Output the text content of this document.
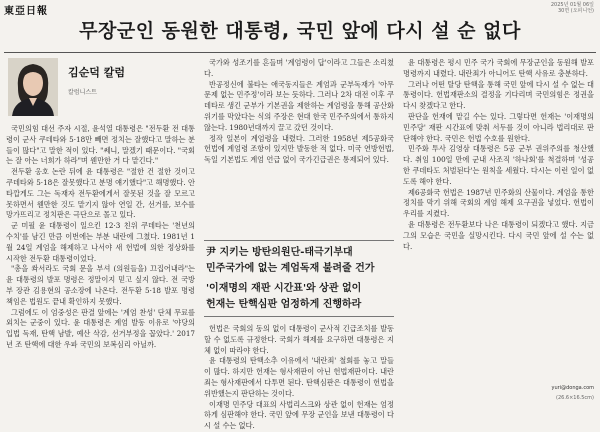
東亞日報
2025년 01월 06일
30면 (오피니언)
무장군인 동원한 대통령, 국민 앞에 다시 설 순 없다
김순덕 칼럼
칼럼니스트

국민의힘 대선 주자 시절, 윤석열 대통령은 "전두환 전 대통령이 군사 쿠데타와 5·18만 빼면 정치는 잘했다고 말하는 분들이 많다"고 말한 적이 있다. "쎄니, 말겠기 때문이다. "국회는 잘 아는 너희가 하라"며 웬만한 거 다 맡긴다."

전두환 옹호 논란 뒤에 윤 대통령은 "절한 건 절한 것이고 쿠데타와 5·18은 잘못했다고 분명 얘기했다"고 해명했다. 안타깝게도 그는 독재자 전두환에게서 잘못된 것을 잘 모르고 못하면서 웬만한 것도 맡기지 않아 연일 간, 선거를, 보수를 망가뜨리고 정치판은 극단으로 몰고 있다.

군 미필 윤 대통령이 일으킨 12·3 친위 쿠데타는 '천년의 수치'를 남긴 만큼 이번에는 부분 내란에 그쳤다. 1981년 1월 24일 계엄을 해제하고 나서야 새 헌법에 의한 정상화를 시작한 전두환 대통령이었다.

"총을 쏴서라도 국회 문을 부셔 (의원들을) 끄집어내라"는 윤 대통령의 발포 명령은 정말이지 믿고 싶지 않다. 전 국방부 장관 김용현의 공소장에 나온다. 전두환 5·18 발포 명령 책임은 법원도 끝내 확인하지 못했다.

그럼에도 이 엄중성은 판결 앞에는 '계엄 찬성' 단체 무료를 외치는 군중이 있다. 윤 대통령은 계엄 발동 이유로 '야당의 입법 독재, 탄핵 남발, 예산 삭감, 선거부정을 꼽았다.' 2017년 조 탄핵에 대한 우파 국민의 보복심리 아닐까.

국가와 성조기를 흔들며 '계엄령이 답'이라고 그들은 소리쳤다.

반공정신에 불타는 애국동지들은 계엄과 군부독재가 '아무 문제 없는 민주정'이라 보는 듯하다. 그러나 2차 대전 이후 쿠데타로 생긴 군부가 기본권을 제한하는 계엄령을 통해 공산화 위기를 막았다는 식의 주장은 현대 한국 민주주의에서 통하지 않는다. 1980년대까지 끌고 갔던 것이다.

정작 일본이 계엄령을 내렸다. 그러한 1958년 제5공화국 헌법에 계엄령 조항이 있지만 발동한 적 없다. 미국 연방헌법, 독일 기본법도 계엄 언급 없이 국가긴급권은 통제되어 있다.

尹 지키는 방탄의원단-태극기부대
민주국가에 없는 계엄독재 불려줄 건가
'이재명의 재판 시간표'와 상관 없이
헌재는 탄핵심판 엄정하게 진행하라

헌법은 국회의 동의 없이 대통령이 군사적 긴급조치를 발동할 수 없도록 규정한다. 국회가 해제를 요구하면 대통령은 지체 없이 따라야 한다.

윤 대통령의 탄핵소추 이유에서 '내란죄' 철회를 놓고 말들이 많다. 하지만 헌재는 형사재판이 아닌 헌법재판이다. 내란죄는 형사재판에서 다투면 된다. 탄핵심판은 대통령이 헌법을 위반했는지 판단하는 것이다.

이재명 민주당 대표의 사법리스크와 상관 없이 헌재는 엄정하게 심판해야 한다. 국민 앞에 무장 군인을 보낸 대통령이 다시 설 수는 없다.

윤 대통령은 평시 민주 국가 국회에 무장군인을 동원해 발포 명령까지 내렸다. 내란죄가 아니어도 탄핵 사유로 충분하다.

그러나 어떤 탈당 탄핵을 통해 국민 앞에 다시 설 수 없는 대통령이다. 헌법재판소의 결정을 기다리며 국민의힘은 정권을 다시 찾겠다고 한다.

판단을 헌재에 맡길 수는 있다. 그렇다면 헌재는 '이재명의 민주당' 재판 시간표에 맞춰 서두를 것이 아니라 법리대로 판단해야 한다. 국민은 헌법 수호를 원한다.

민주화 투사 김영삼 대통령은 5공 군부 권위주의를 청산했다. 취임 100일 만에 군내 사조직 '하나회'를 척결하며 '성공한 쿠데타도 처벌된다'는 원칙을 세웠다. 다시는 이런 일이 없도록 해야 한다.

제6공화국 헌법은 1987년 민주화의 산물이다. 계엄을 통한 정치를 막기 위해 국회의 계엄 해제 요구권을 넣었다. 헌법이 우리를 지켰다.

윤 대통령은 전두환보다 나은 대통령이 되겠다고 했다. 지금 그의 모습은 국민을 실망시킨다. 다시 국민 앞에 설 수는 없다.

yuri@donga.com
(26.6×16.5cm)
